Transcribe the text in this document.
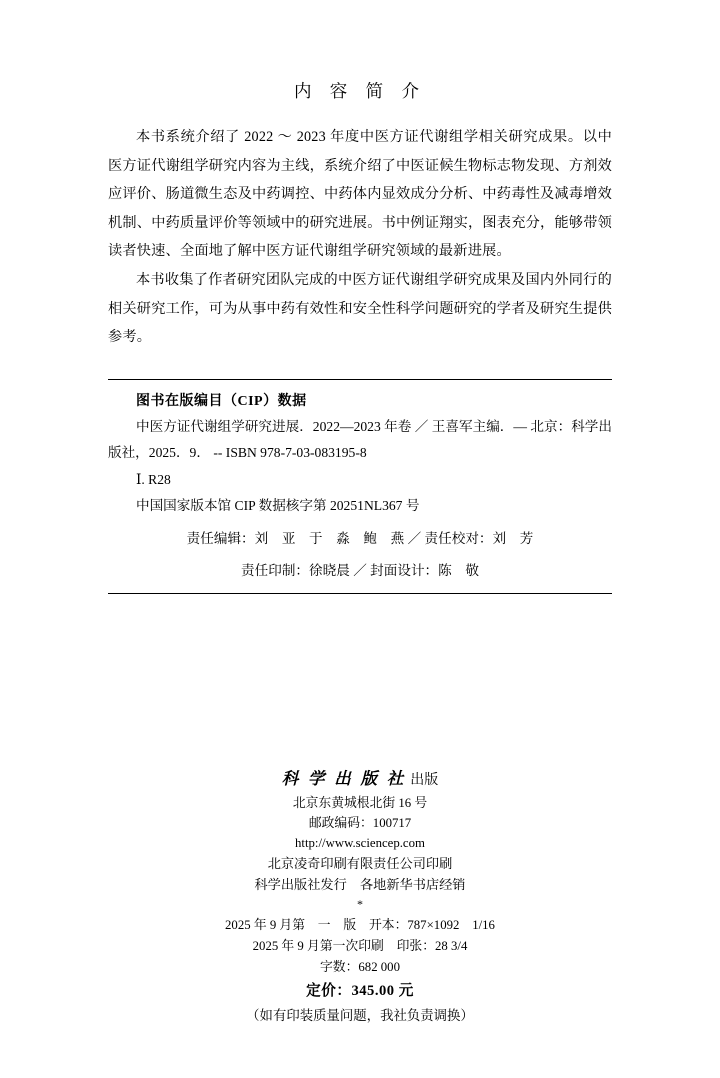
内 容 简 介

本书系统介绍了 2022 ～ 2023 年度中医方证代谢组学相关研究成果。以中医方证代谢组学研究内容为主线，系统介绍了中医证候生物标志物发现、方剂效应评价、肠道微生态及中药调控、中药体内显效成分分析、中药毒性及减毒增效机制、中药质量评价等领域中的研究进展。书中例证翔实，图表充分，能够带领读者快速、全面地了解中医方证代谢组学研究领域的最新进展。

本书收集了作者研究团队完成的中医方证代谢组学研究成果及国内外同行的相关研究工作，可为从事中药有效性和安全性科学问题研究的学者及研究生提供参考。

图书在版编目（CIP）数据

中医方证代谢组学研究进展．2022—2023 年卷 ／ 王喜军主编．— 北京：科学出版社，2025．9． -- ISBN 978-7-03-083195-8

Ⅰ. R28

中国国家版本馆 CIP 数据核字第 20251NL367 号

责任编辑：刘　亚　于　淼　鲍　燕 ／ 责任校对：刘　芳

责任印制：徐晓晨 ／ 封面设计：陈　敬

科 学 出 版 社 出版
北京东黄城根北街 16 号
邮政编码：100717
http://www.sciencep.com
北京凌奇印刷有限责任公司印刷
科学出版社发行　各地新华书店经销
*
2025 年 9 月第　一　版　开本：787×1092　1/16
2025 年 9 月第一次印刷　印张：28 3/4
字数：682 000
定价：345.00 元
（如有印装质量问题，我社负责调换）
